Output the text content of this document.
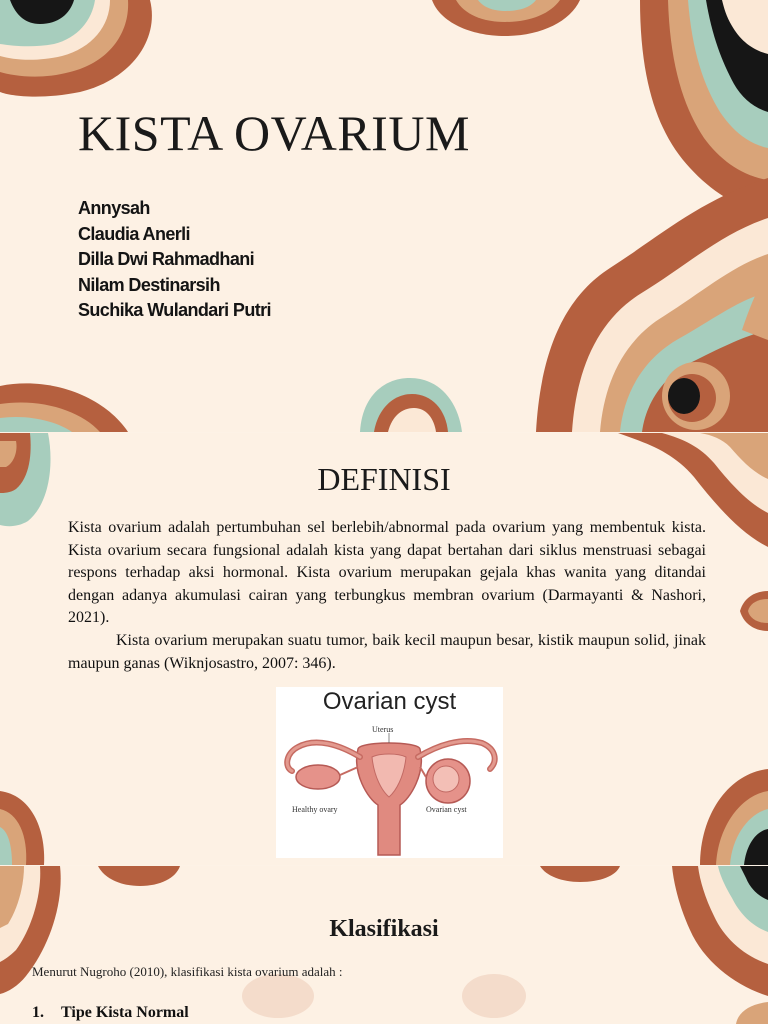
KISTA OVARIUM
Annysah
Claudia Anerli
Dilla Dwi Rahmadhani
Nilam Destinarsih
Suchika Wulandari Putri
DEFINISI

Kista ovarium adalah pertumbuhan sel berlebih/abnormal pada ovarium yang membentuk kista. Kista ovarium secara fungsional adalah kista yang dapat bertahan dari siklus menstruasi sebagai respons terhadap aksi hormonal. Kista ovarium merupakan gejala khas wanita yang ditandai dengan adanya akumulasi cairan yang terbungkus membran ovarium (Darmayanti & Nashori, 2021).

Kista ovarium merupakan suatu tumor, baik kecil maupun besar, kistik maupun solid, jinak maupun ganas (Wiknjosastro, 2007: 346).

Ovarian cyst
Uterus
Healthy ovary	Ovarian cyst
Klasifikasi

Menurut Nugroho (2010), klasifikasi kista ovarium adalah :

1. Tipe Kista Normal
